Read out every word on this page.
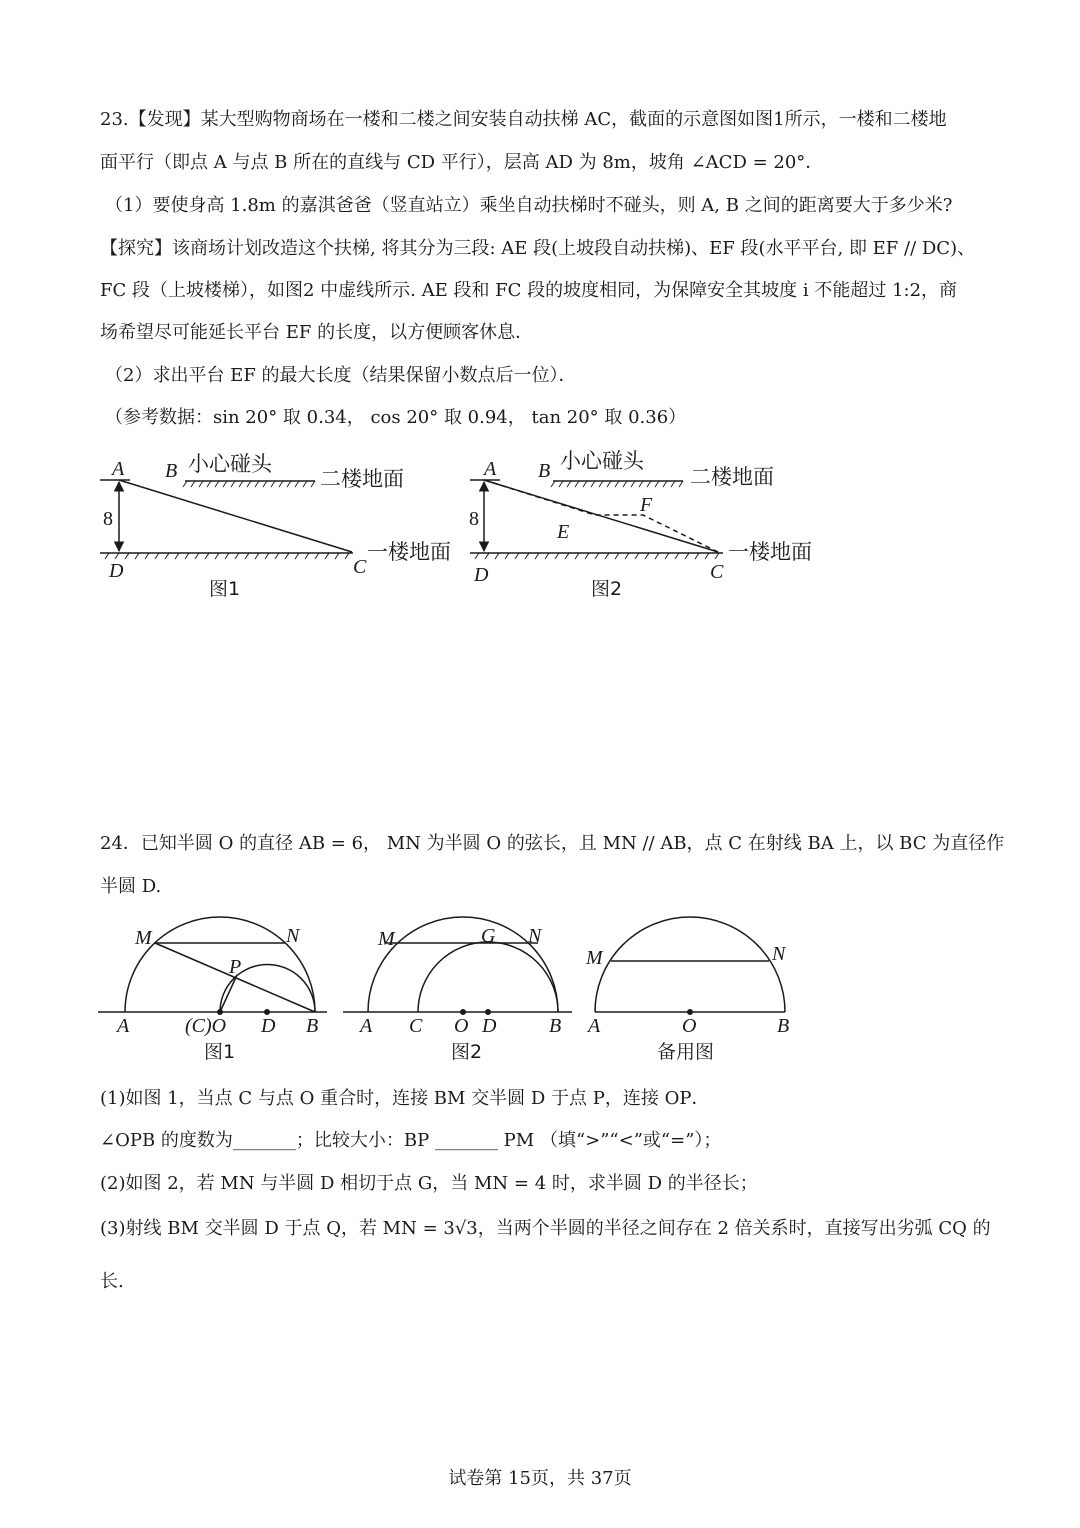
23.【发现】某大型购物商场在一楼和二楼之间安装自动扶梯 AC，截面的示意图如图1所示，一楼和二楼地
面平行（即点 A 与点 B 所在的直线与 CD 平行），层高 AD 为 8m，坡角 ∠ACD = 20°．
（1）要使身高 1.8m 的嘉淇爸爸（竖直站立）乘坐自动扶梯时不碰头，则 A, B 之间的距离要大于多少米?
【探究】该商场计划改造这个扶梯, 将其分为三段: AE 段(上坡段自动扶梯)、EF 段(水平平台, 即 EF // DC)、
FC 段（上坡楼梯），如图2 中虚线所示. AE 段和 FC 段的坡度相同，为保障安全其坡度 i 不能超过 1:2，商
场希望尽可能延长平台 EF 的长度，以方便顾客休息．
（2）求出平台 EF 的最大长度（结果保留小数点后一位）．
（参考数据：sin 20° 取 0.34， cos 20° 取 0.94， tan 20° 取 0.36）
A B
C
D
8
小心碰头
二楼地面
一楼地面
图1
A B
C
D
E
F
8
小心碰头
二楼地面
一楼地面
图2
24．已知半圆 O 的直径 AB = 6， MN 为半圆 O 的弦长，且 MN // AB，点 C 在射线 BA 上，以 BC 为直径作
半圆 D.
M	N
P
A	(C)O D B
图1
M	G N
A C O D	B
图2
M	N
A	O	B
备用图
(1)如图 1，当点 C 与点 O 重合时，连接 BM 交半圆 D 于点 P，连接 OP．
∠OPB 的度数为_______；比较大小：BP _______ PM （填“>”“<”或“=”）；
(2)如图 2，若 MN 与半圆 D 相切于点 G，当 MN = 4 时，求半圆 D 的半径长；
(3)射线 BM 交半圆 D 于点 Q，若 MN = 3√3，当两个半圆的半径之间存在 2 倍关系时，直接写出劣弧 CQ 的
长.
试卷第 15页，共 37页
